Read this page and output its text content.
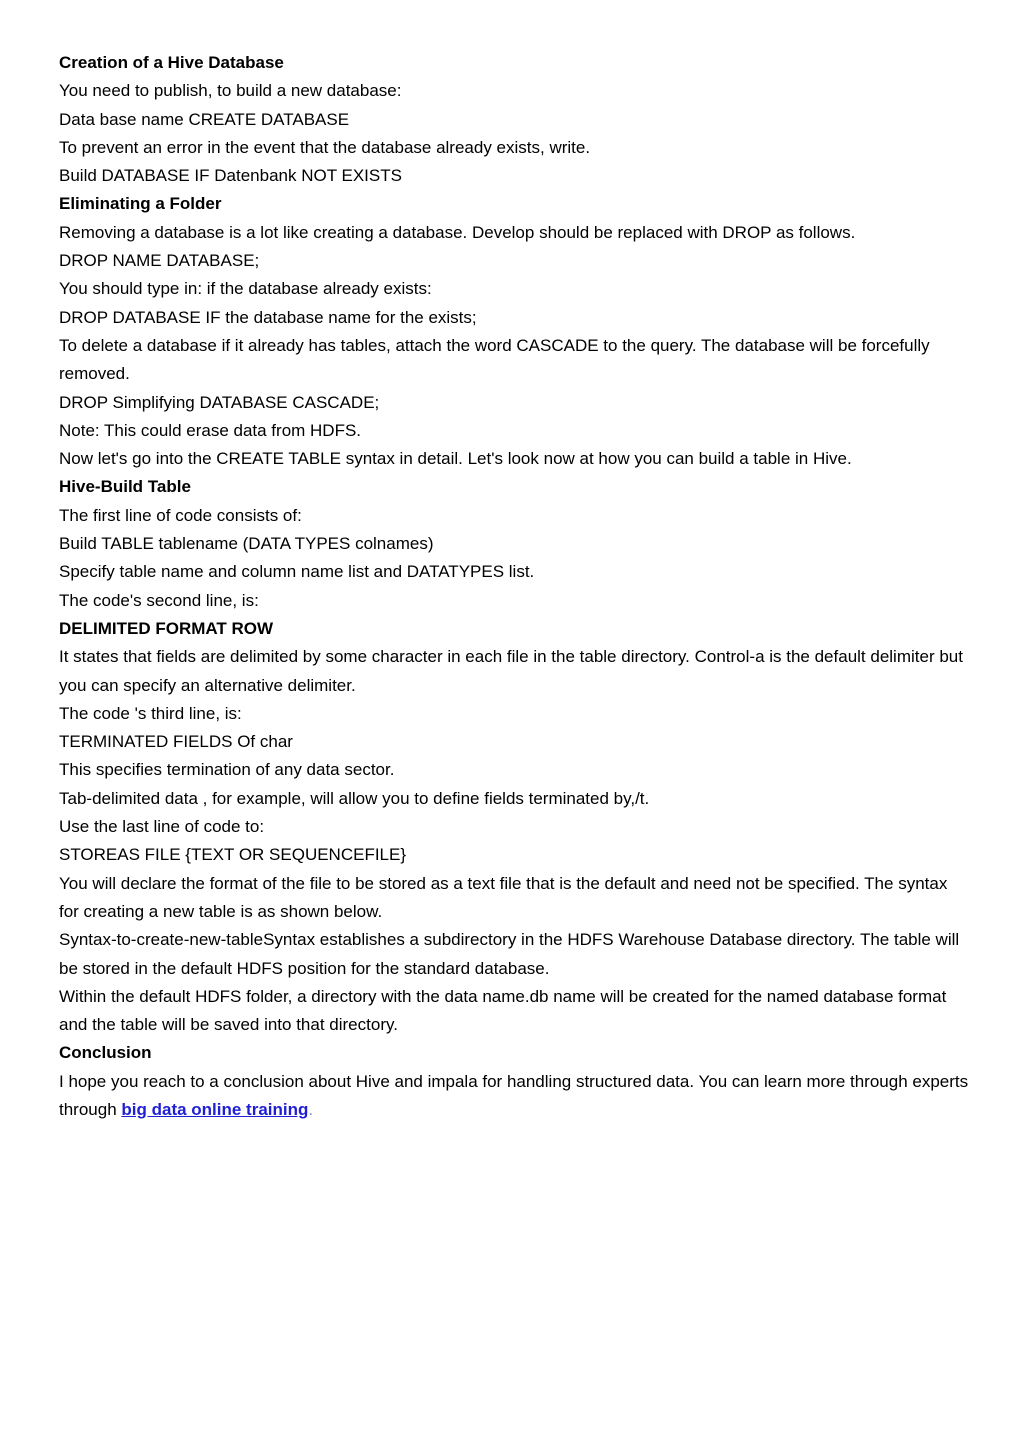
Creation of a Hive Database

You need to publish, to build a new database:

Data base name CREATE DATABASE

To prevent an error in the event that the database already exists, write.

Build DATABASE IF Datenbank NOT EXISTS

Eliminating a Folder

Removing a database is a lot like creating a database. Develop should be replaced with DROP as follows.

DROP NAME DATABASE;

You should type in: if the database already exists:

DROP DATABASE IF the database name for the exists;

To delete a database if it already has tables, attach the word CASCADE to the query. The database will be forcefully removed.

DROP Simplifying DATABASE CASCADE;

Note: This could erase data from HDFS.

Now let's go into the CREATE TABLE syntax in detail. Let's look now at how you can build a table in Hive.

Hive-Build Table

The first line of code consists of:

Build TABLE tablename (DATA TYPES colnames)

Specify table name and column name list and DATATYPES list.

The code's second line, is:

DELIMITED FORMAT ROW

It states that fields are delimited by some character in each file in the table directory. Control-a is the default delimiter but you can specify an alternative delimiter.

The code 's third line, is:

TERMINATED FIELDS Of char

This specifies termination of any data sector.

Tab-delimited data , for example, will allow you to define fields terminated by,/t.

Use the last line of code to:

STOREAS FILE {TEXT OR SEQUENCEFILE}

You will declare the format of the file to be stored as a text file that is the default and need not be specified. The syntax for creating a new table is as shown below.

Syntax-to-create-new-tableSyntax establishes a subdirectory in the HDFS Warehouse Database directory. The table will be stored in the default HDFS position for the standard database.

Within the default HDFS folder, a directory with the data name.db name will be created for the named database format and the table will be saved into that directory.

Conclusion

I hope you reach to a conclusion about Hive and impala for handling structured data. You can learn more through experts through big data online training.
